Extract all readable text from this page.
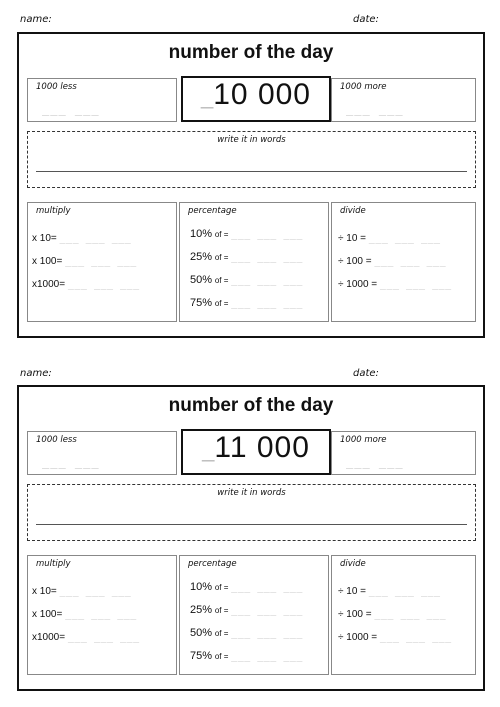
name:	date:
number of the day
1000 less
___ ___	_10 000	1000 more
___ ___
write it in words
multiply
x 10= ___ ___ ___
x 100= ___ ___ ___
x1000= ___ ___ ___
percentage
10% of = ___ ___ ___
25% of = ___ ___ ___
50% of = ___ ___ ___
75% of = ___ ___ ___
divide
÷ 10 = ___ ___ ___
÷ 100 = ___ ___ ___
÷ 1000 = ___ ___ ___
name:	date:
number of the day
1000 less
___ ___	_11 000	1000 more
___ ___
write it in words
multiply
x 10= ___ ___ ___
x 100= ___ ___ ___
x1000= ___ ___ ___
percentage
10% of = ___ ___ ___
25% of = ___ ___ ___
50% of = ___ ___ ___
75% of = ___ ___ ___
divide
÷ 10 = ___ ___ ___
÷ 100 = ___ ___ ___
÷ 1000 = ___ ___ ___
